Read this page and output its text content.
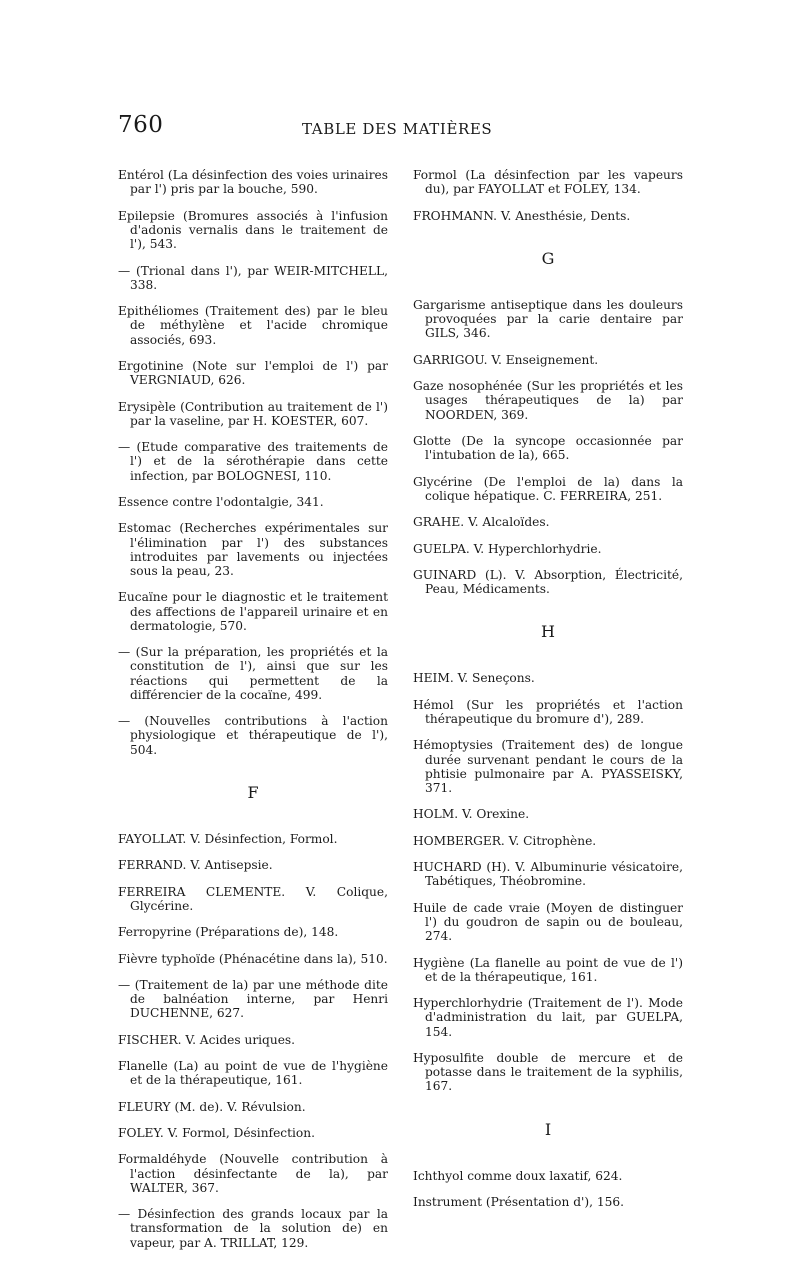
760	TABLE DES MATIÈRES

Entérol (La désinfection des voies urinaires par l') pris par la bouche, 590.

Epilepsie (Bromures associés à l'infusion d'adonis vernalis dans le traitement de l'), 543.

— (Trional dans l'), par WEIR-MITCHELL, 338.

Epithéliomes (Traitement des) par le bleu de méthylène et l'acide chromique associés, 693.

Ergotinine (Note sur l'emploi de l') par VERGNIAUD, 626.

Erysipèle (Contribution au traitement de l') par la vaseline, par H. KOESTER, 607.

— (Etude comparative des traitements de l') et de la sérothérapie dans cette infection, par BOLOGNESI, 110.

Essence contre l'odontalgie, 341.

Estomac (Recherches expérimentales sur l'élimination par l') des substances introduites par lavements ou injectées sous la peau, 23.

Eucaïne pour le diagnostic et le traitement des affections de l'appareil urinaire et en dermatologie, 570.

— (Sur la préparation, les propriétés et la constitution de l'), ainsi que sur les réactions qui permettent de la différencier de la cocaïne, 499.

— (Nouvelles contributions à l'action physiologique et thérapeutique de l'), 504.

F

FAYOLLAT. V. Désinfection, Formol.

FERRAND. V. Antisepsie.

FERREIRA CLEMENTE. V. Colique, Glycérine.

Ferropyrine (Préparations de), 148.

Fièvre typhoïde (Phénacétine dans la), 510.

— (Traitement de la) par une méthode dite de balnéation interne, par Henri DUCHENNE, 627.

FISCHER. V. Acides uriques.

Flanelle (La) au point de vue de l'hygiène et de la thérapeutique, 161.

FLEURY (M. de). V. Révulsion.

FOLEY. V. Formol, Désinfection.

Formaldéhyde (Nouvelle contribution à l'action désinfectante de la), par WALTER, 367.

— Désinfection des grands locaux par la transformation de la solution de) en vapeur, par A. TRILLAT, 129.

Formol (La désinfection par les vapeurs du), par FAYOLLAT et FOLEY, 134.

FROHMANN. V. Anesthésie, Dents.

G

Gargarisme antiseptique dans les douleurs provoquées par la carie dentaire par GILS, 346.

GARRIGOU. V. Enseignement.

Gaze nosophénée (Sur les propriétés et les usages thérapeutiques de la) par NOORDEN, 369.

Glotte (De la syncope occasionnée par l'intubation de la), 665.

Glycérine (De l'emploi de la) dans la colique hépatique. C. FERREIRA, 251.

GRAHE. V. Alcaloïdes.

GUELPA. V. Hyperchlorhydrie.

GUINARD (L). V. Absorption, Électricité, Peau, Médicaments.

H

HEIM. V. Seneçons.

Hémol (Sur les propriétés et l'action thérapeutique du bromure d'), 289.

Hémoptysies (Traitement des) de longue durée survenant pendant le cours de la phtisie pulmonaire par A. PYASSEISKY, 371.

HOLM. V. Orexine.

HOMBERGER. V. Citrophène.

HUCHARD (H). V. Albuminurie vésicatoire, Tabétiques, Théobromine.

Huile de cade vraie (Moyen de distinguer l') du goudron de sapin ou de bouleau, 274.

Hygiène (La flanelle au point de vue de l') et de la thérapeutique, 161.

Hyperchlorhydrie (Traitement de l'). Mode d'administration du lait, par GUELPA, 154.

Hyposulfite double de mercure et de potasse dans le traitement de la syphilis, 167.

I

Ichthyol comme doux laxatif, 624.

Instrument (Présentation d'), 156.
